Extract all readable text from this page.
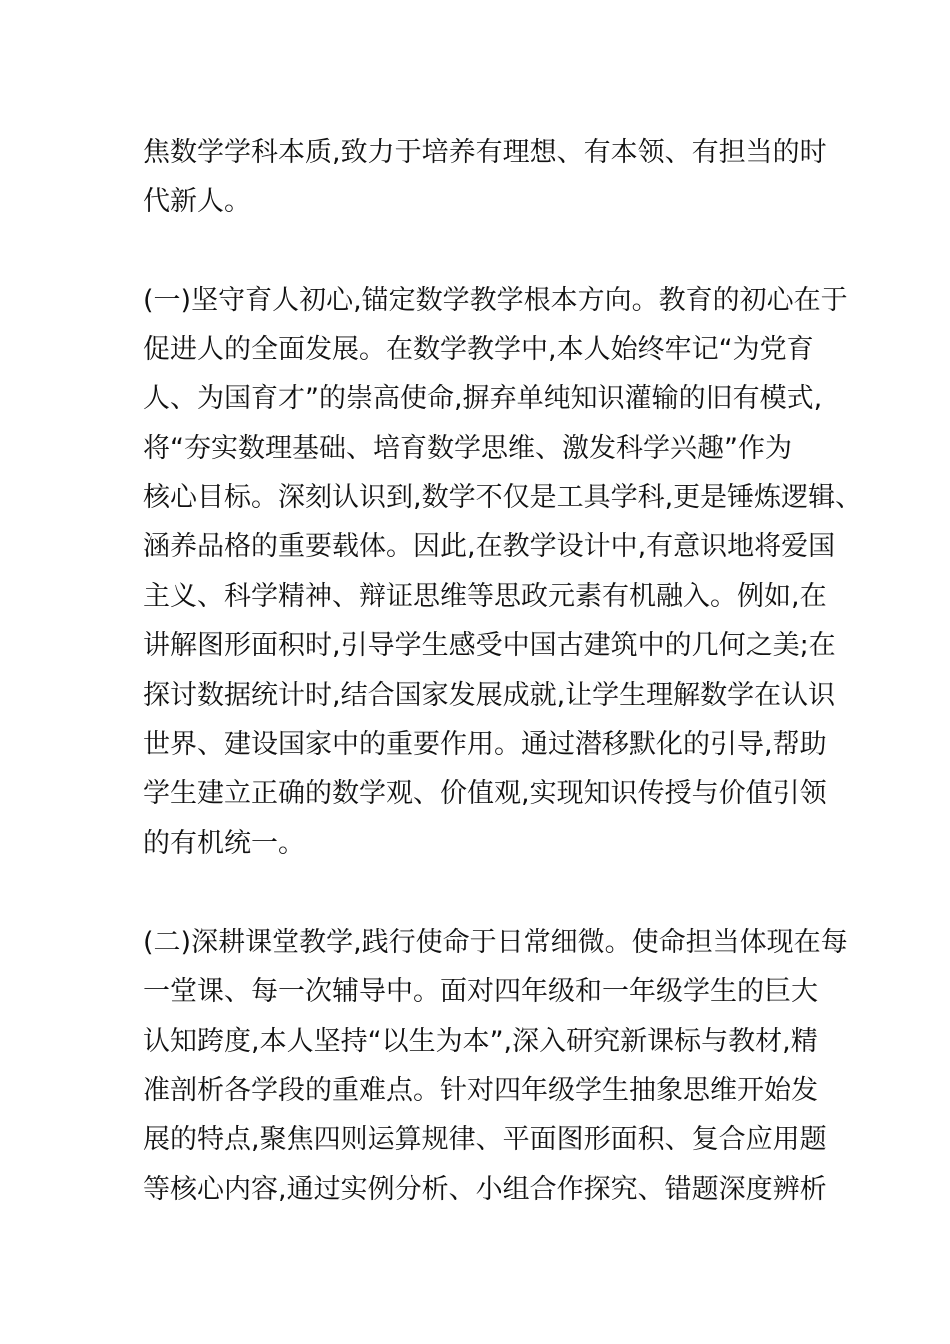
焦数学学科本质,致力于培养有理想、有本领、有担当的时
代新人。
(一)坚守育人初心,锚定数学教学根本方向。教育的初心在于
促进人的全面发展。在数学教学中,本人始终牢记“为党育
人、为国育才”的崇高使命,摒弃单纯知识灌输的旧有模式,
将“夯实数理基础、培育数学思维、激发科学兴趣”作为
核心目标。深刻认识到,数学不仅是工具学科,更是锤炼逻辑、
涵养品格的重要载体。因此,在教学设计中,有意识地将爱国
主义、科学精神、辩证思维等思政元素有机融入。例如,在
讲解图形面积时,引导学生感受中国古建筑中的几何之美;在
探讨数据统计时,结合国家发展成就,让学生理解数学在认识
世界、建设国家中的重要作用。通过潜移默化的引导,帮助
学生建立正确的数学观、价值观,实现知识传授与价值引领
的有机统一。
(二)深耕课堂教学,践行使命于日常细微。使命担当体现在每
一堂课、每一次辅导中。面对四年级和一年级学生的巨大
认知跨度,本人坚持“以生为本”,深入研究新课标与教材,精
准剖析各学段的重难点。针对四年级学生抽象思维开始发
展的特点,聚焦四则运算规律、平面图形面积、复合应用题
等核心内容,通过实例分析、小组合作探究、错题深度辨析
